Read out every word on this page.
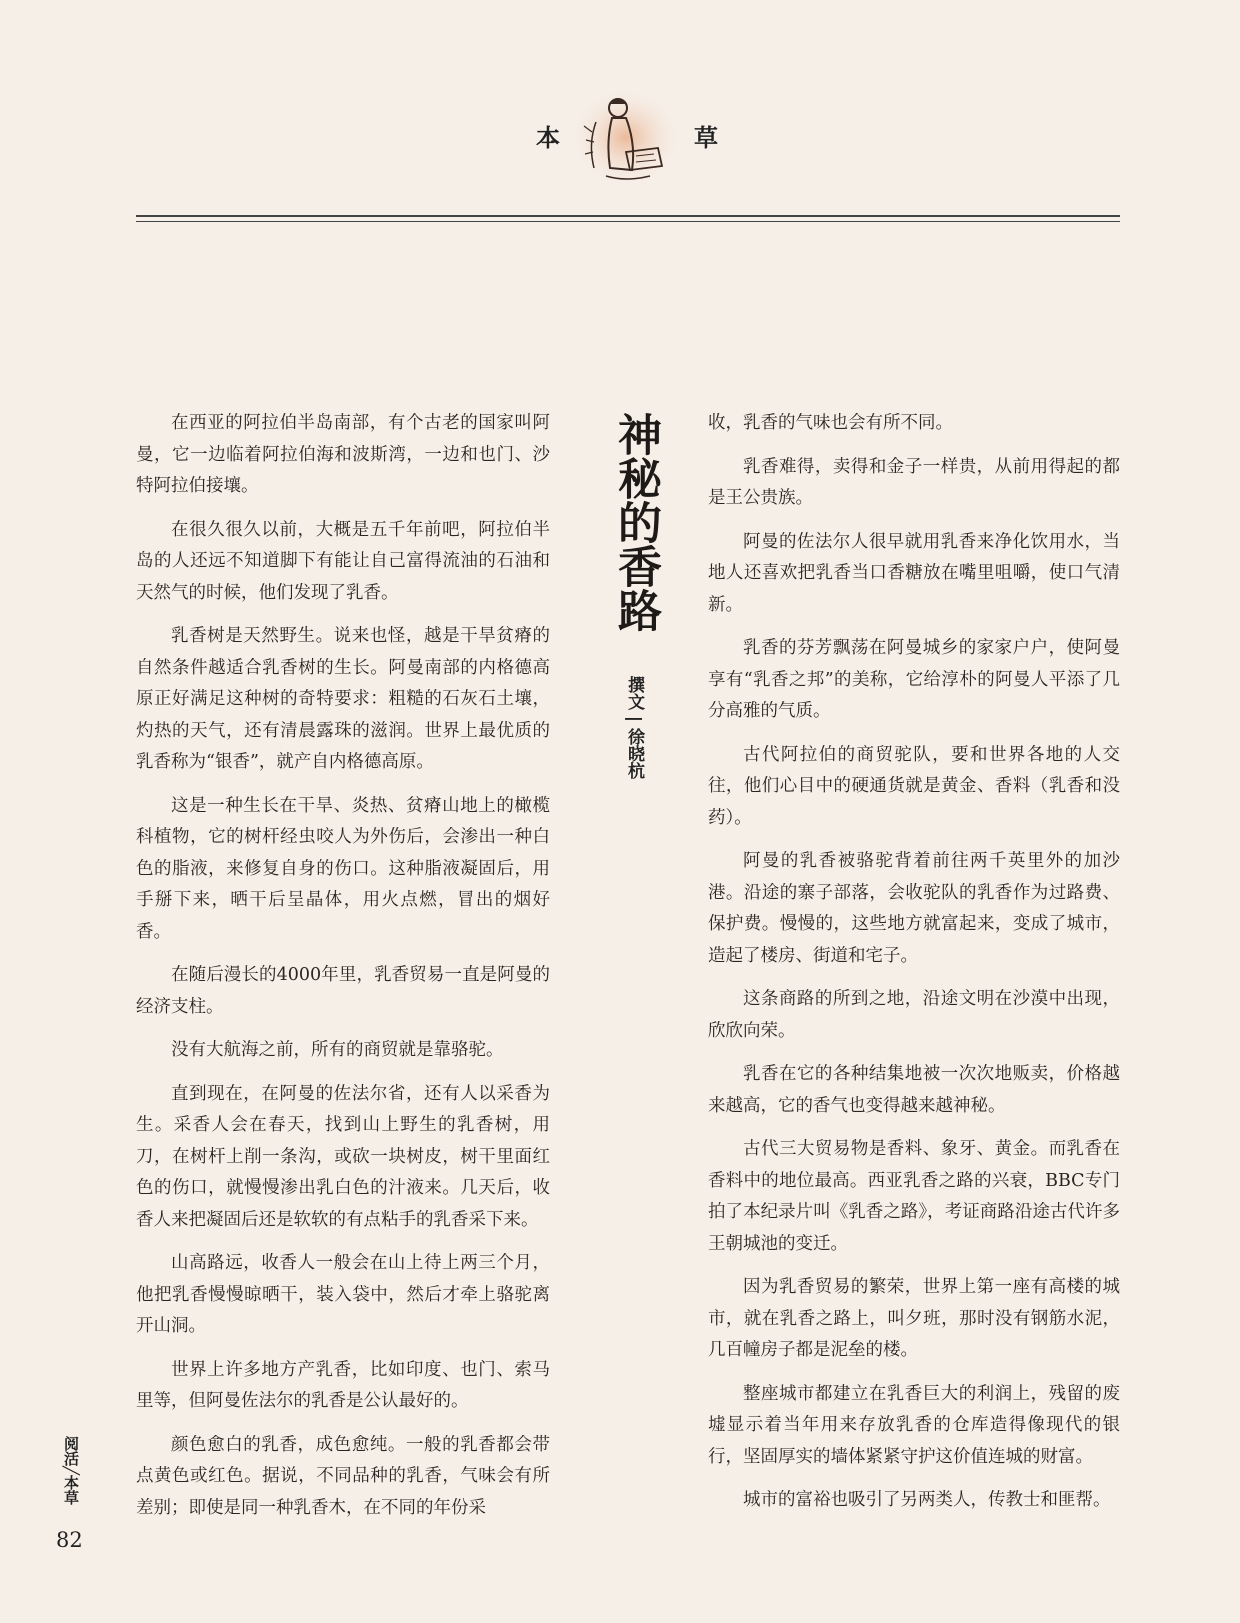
本	草

在西亚的阿拉伯半岛南部，有个古老的国家叫阿曼，它一边临着阿拉伯海和波斯湾，一边和也门、沙特阿拉伯接壤。

在很久很久以前，大概是五千年前吧，阿拉伯半岛的人还远不知道脚下有能让自己富得流油的石油和天然气的时候，他们发现了乳香。

乳香树是天然野生。说来也怪，越是干旱贫瘠的自然条件越适合乳香树的生长。阿曼南部的内格德高原正好满足这种树的奇特要求：粗糙的石灰石土壤，灼热的天气，还有清晨露珠的滋润。世界上最优质的乳香称为“银香”，就产自内格德高原。

这是一种生长在干旱、炎热、贫瘠山地上的橄榄科植物，它的树杆经虫咬人为外伤后，会渗出一种白色的脂液，来修复自身的伤口。这种脂液凝固后，用手掰下来，晒干后呈晶体，用火点燃，冒出的烟好香。

在随后漫长的4000年里，乳香贸易一直是阿曼的经济支柱。

没有大航海之前，所有的商贸就是靠骆驼。

直到现在，在阿曼的佐法尔省，还有人以采香为生。采香人会在春天，找到山上野生的乳香树，用刀，在树杆上削一条沟，或砍一块树皮，树干里面红色的伤口，就慢慢渗出乳白色的汁液来。几天后，收香人来把凝固后还是软软的有点粘手的乳香采下来。

山高路远，收香人一般会在山上待上两三个月，他把乳香慢慢晾晒干，装入袋中，然后才牵上骆驼离开山洞。

世界上许多地方产乳香，比如印度、也门、索马里等，但阿曼佐法尔的乳香是公认最好的。

颜色愈白的乳香，成色愈纯。一般的乳香都会带点黄色或红色。据说，不同品种的乳香，气味会有所差别；即使是同一种乳香木，在不同的年份采

神秘的香路
撰文 | 徐晓杭

收，乳香的气味也会有所不同。

乳香难得，卖得和金子一样贵，从前用得起的都是王公贵族。

阿曼的佐法尔人很早就用乳香来净化饮用水，当地人还喜欢把乳香当口香糖放在嘴里咀嚼，使口气清新。

乳香的芬芳飘荡在阿曼城乡的家家户户，使阿曼享有“乳香之邦”的美称，它给淳朴的阿曼人平添了几分高雅的气质。

古代阿拉伯的商贸驼队，要和世界各地的人交往，他们心目中的硬通货就是黄金、香料（乳香和没药）。

阿曼的乳香被骆驼背着前往两千英里外的加沙港。沿途的寨子部落，会收驼队的乳香作为过路费、保护费。慢慢的，这些地方就富起来，变成了城市，造起了楼房、街道和宅子。

这条商路的所到之地，沿途文明在沙漠中出现，欣欣向荣。

乳香在它的各种结集地被一次次地贩卖，价格越来越高，它的香气也变得越来越神秘。

古代三大贸易物是香料、象牙、黄金。而乳香在香料中的地位最高。西亚乳香之路的兴衰，BBC专门拍了本纪录片叫《乳香之路》，考证商路沿途古代许多王朝城池的变迁。

因为乳香贸易的繁荣，世界上第一座有高楼的城市，就在乳香之路上，叫夕班，那时没有钢筋水泥，几百幢房子都是泥垒的楼。

整座城市都建立在乳香巨大的利润上，残留的废墟显示着当年用来存放乳香的仓库造得像现代的银行，坚固厚实的墙体紧紧守护这价值连城的财富。

城市的富裕也吸引了另两类人，传教士和匪帮。

阅活╱本草
82
